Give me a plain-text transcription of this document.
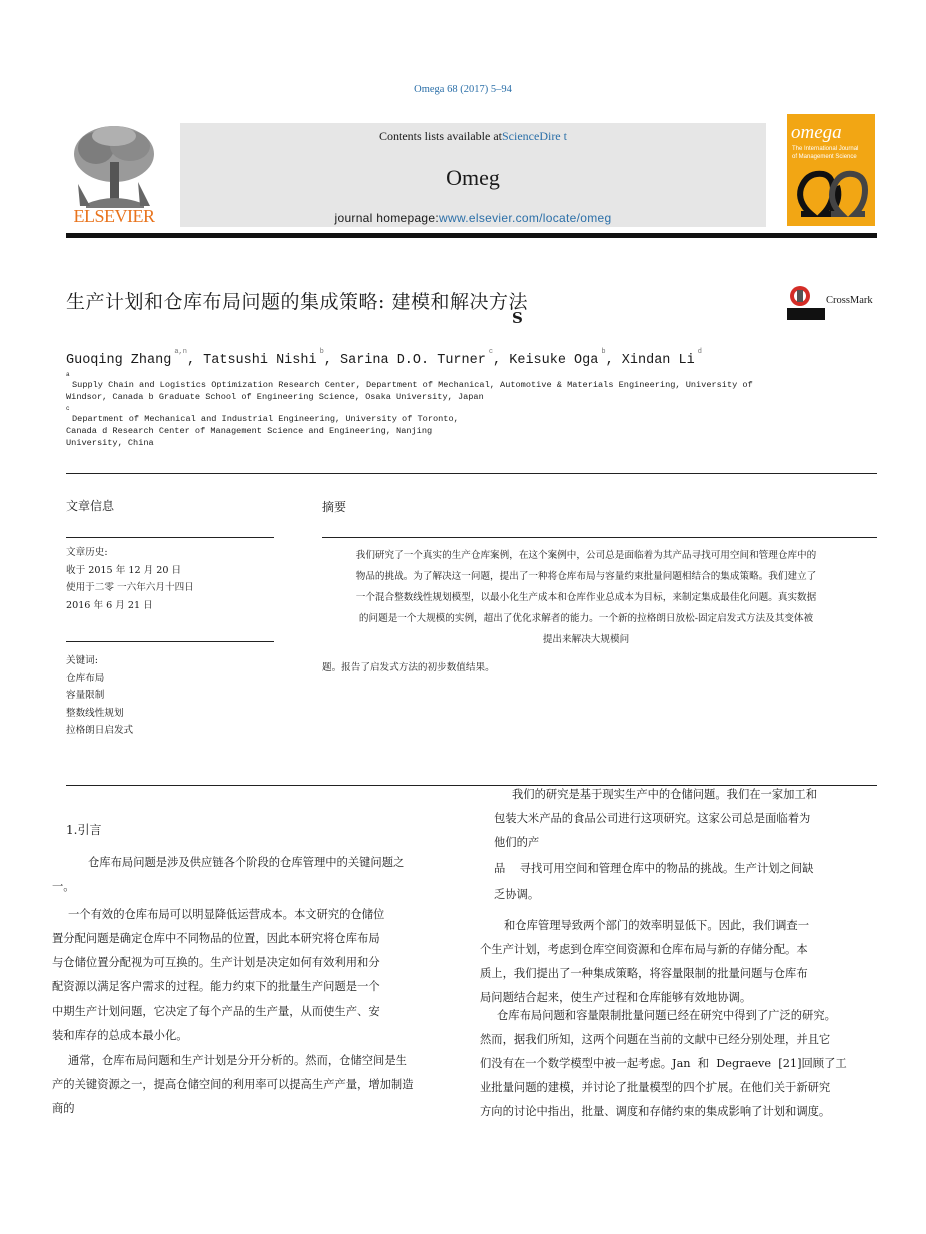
Omega 68 (2017) 5–94
ELSEVIER
Contents lists available atScienceDire t
Omeg
journal homepage:www.elsevier.com/locate/omeg
omega
The International Journal
of Management Science
生产计划和仓库布局问题的集成策略: 建模和解决方法
S
CrossMark
Guoqing Zhang$^{a,n}$, Tatsushi Nishi$^b$, Sarina D.O. Turner$^c$, Keisuke Oga$^b$, Xindan Li$^d$
a
Supply Chain and Logistics Optimization Research Center, Department of Mechanical, Automotive & Materials Engineering, University of
Windsor, Canada b Graduate School of Engineering Science, Osaka University, Japan
c
Department of Mechanical and Industrial Engineering, University of Toronto,
Canada d Research Center of Management Science and Engineering, Nanjing
University, China
文章信息
文章历史:
收于 2015 年 12 月 20 日
使用于二零 一六年六月十四日
2016 年 6 月 21 日
关键词:
仓库布局
容量限制
整数线性规划
拉格朗日启发式
摘要
我们研究了一个真实的生产仓库案例，在这个案例中，公司总是面临着为其产品寻找可用空间和管理仓库中的
物品的挑战。为了解决这一问题，提出了一种将仓库布局与容量约束批量问题相结合的集成策略。我们建立了
一个混合整数线性规划模型，以最小化生产成本和仓库作业总成本为目标，来制定集成最佳化问题。真实数据
的问题是一个大规模的实例，超出了优化求解者的能力。一个新的拉格朗日放松-固定启发式方法及其变体被
提出来解决大规模问
题。报告了启发式方法的初步数值结果。
1.引言
仓库布局问题是涉及供应链各个阶段的仓库管理中的关键问题之
一。
一个有效的仓库布局可以明显降低运营成本。本文研究的仓储位
置分配问题是确定仓库中不同物品的位置，因此本研究将仓库布局
与仓储位置分配视为可互换的。生产计划是决定如何有效利用和分
配资源以满足客户需求的过程。能力约束下的批量生产问题是一个
中期生产计划问题，它决定了每个产品的生产量，从而使生产、安
装和库存的总成本最小化。
通常，仓库布局问题和生产计划是分开分析的。然而，仓储空间是生
产的关键资源之一，提高仓储空间的利用率可以提高生产产量，增加制造
商的
我们的研究是基于现实生产中的仓储问题。我们在一家加工和
包装大米产品的食品公司进行这项研究。这家公司总是面临着为
他们的产
品    寻找可用空间和管理仓库中的物品的挑战。生产计划之间缺
乏协调。
和仓库管理导致两个部门的效率明显低下。因此，我们调查一
个生产计划，考虑到仓库空间资源和仓库布局与新的存储分配。本
质上，我们提出了一种集成策略，将容量限制的批量问题与仓库布
局问题结合起来，使生产过程和仓库能够有效地协调。
仓库布局问题和容量限制批量问题已经在研究中得到了广泛的研究。
然而，据我们所知，这两个问题在当前的文献中已经分别处理，并且它
们没有在一个数学模型中被一起考虑。Jan  和  Degraeve  [21]回顾了工
业批量问题的建模，并讨论了批量模型的四个扩展。在他们关于新研究
方向的讨论中指出，批量、调度和存储约束的集成影响了计划和调度。
